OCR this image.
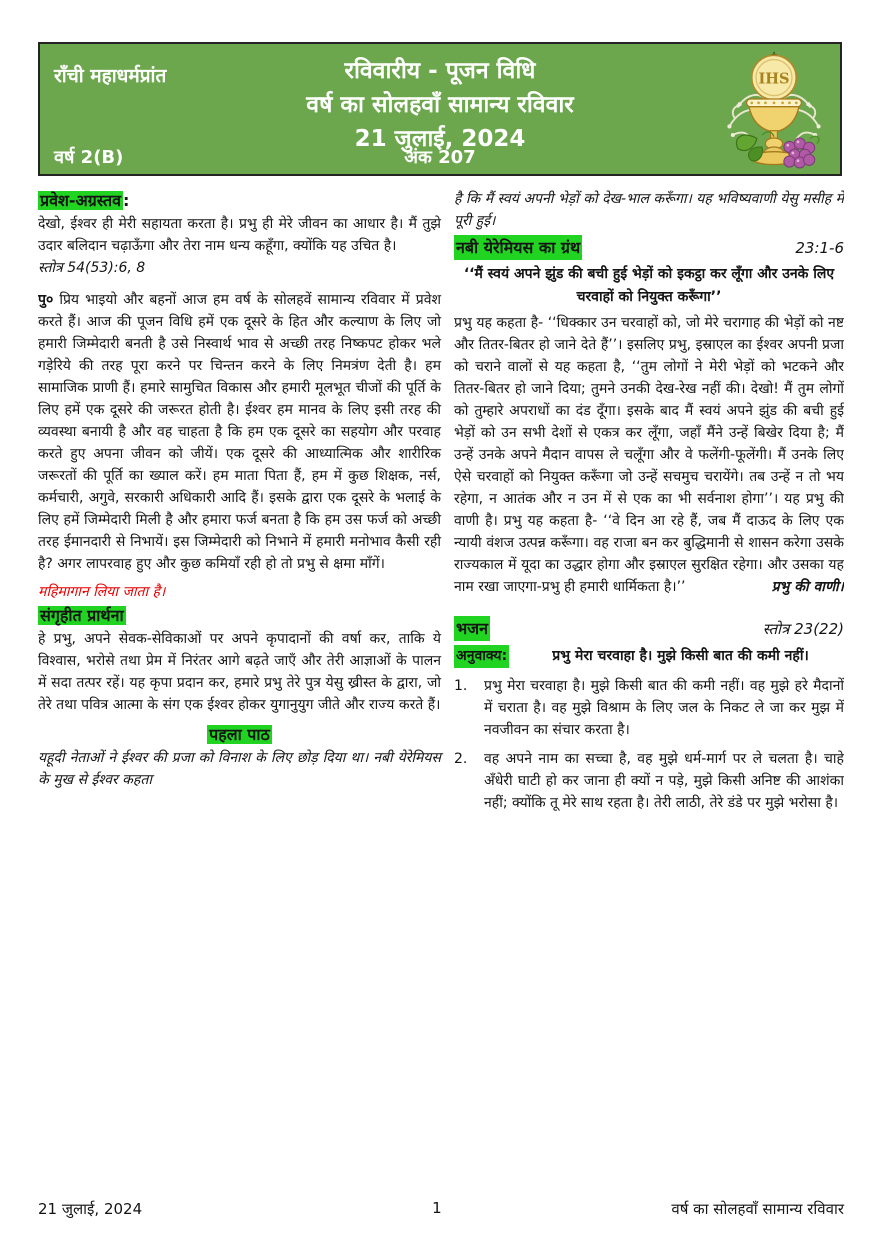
राँची महाधर्मप्रांत	रविवारीय - पूजन विधि
वर्ष का सोलहवाँ सामान्य रविवार
21 जुलाई, 2024
वर्ष 2(B)	अंक 207
IHS
प्रवेश-अग्रस्तव :

देखो, ईश्वर ही मेरी सहायता करता है। प्रभु ही मेरे जीवन का आधार है। मैं तुझे उदार बलिदान चढ़ाऊँगा और तेरा नाम धन्य कहूँगा, क्योंकि यह उचित है।

स्तोत्र 54(53):6, 8

पु० प्रिय भाइयो और बहनों आज हम वर्ष के सोलहवें सामान्य रविवार में प्रवेश करते हैं। आज की पूजन विधि हमें एक दूसरे के हित और कल्याण के लिए जो हमारी जिम्मेदारी बनती है उसे निस्वार्थ भाव से अच्छी तरह निष्कपट होकर भले गड़ेरिये की तरह पूरा करने पर चिन्तन करने के लिए निमत्रंण देती है। हम सामाजिक प्राणी हैं। हमारे सामुचित विकास और हमारी मूलभूत चीजों की पूर्ति के लिए हमें एक दूसरे की जरूरत होती है। ईश्वर हम मानव के लिए इसी तरह की व्यवस्था बनायी है और वह चाहता है कि हम एक दूसरे का सहयोग और परवाह करते हुए अपना जीवन को जीयें। एक दूसरे की आध्यात्मिक और शारीरिक जरूरतों की पूर्ति का ख्याल करें। हम माता पिता हैं, हम में कुछ शिक्षक, नर्स, कर्मचारी, अगुवे, सरकारी अधिकारी आदि हैं। इसके द्वारा एक दूसरे के भलाई के लिए हमें जिम्मेदारी मिली है और हमारा फर्ज बनता है कि हम उस फर्ज को अच्छी तरह ईमानदारी से निभायें। इस जिम्मेदारी को निभाने में हमारी मनोभाव कैसी रही है? अगर लापरवाह हुए और कुछ कमियाँ रही हो तो प्रभु से क्षमा माँगें।

महिमागान लिया जाता है।

संगृहीत प्रार्थना

हे प्रभु, अपने सेवक-सेविकाओं पर अपने कृपादानों की वर्षा कर, ताकि ये विश्वास, भरोसे तथा प्रेम में निरंतर आगे बढ़ते जाएँ और तेरी आज्ञाओं के पालन में सदा तत्पर रहें। यह कृपा प्रदान कर, हमारे प्रभु तेरे पुत्र येसु ख्रीस्त के द्वारा, जो तेरे तथा पवित्र आत्मा के संग एक ईश्वर होकर युगानुयुग जीते और राज्य करते हैं।

पहला पाठ

यहूदी नेताओं ने ईश्वर की प्रजा को विनाश के लिए छोड़ दिया था। नबी येरेमियस के मुख से ईश्वर कहता

है कि मैं स्वयं अपनी भेड़ों को देख-भाल करूँगा। यह भविष्यवाणी येसु मसीह में पूरी हुई।

नबी येरेमियस का ग्रंथ	23:1-6

‘‘मैं स्वयं अपने झुंड की बची हुई भेड़ों को इकट्ठा कर लूँगा और उनके लिए चरवाहों को नियुक्त करूँगा’’

प्रभु यह कहता है- ‘‘धिक्कार उन चरवाहों को, जो मेरे चरागाह की भेड़ों को नष्ट और तितर-बितर हो जाने देते हैं’’। इसलिए प्रभु, इस्राएल का ईश्वर अपनी प्रजा को चराने वालों से यह कहता है, ‘‘तुम लोगों ने मेरी भेड़ों को भटकने और तितर-बितर हो जाने दिया; तुमने उनकी देख-रेख नहीं की। देखो! मैं तुम लोगों को तुम्हारे अपराधों का दंड दूँगा। इसके बाद मैं स्वयं अपने झुंड की बची हुई भेड़ों को उन सभी देशों से एकत्र कर लूँगा, जहाँ मैंने उन्हें बिखेर दिया है; मैं उन्हें उनके अपने मैदान वापस ले चलूँगा और वे फलेंगी-फूलेंगी। मैं उनके लिए ऐसे चरवाहों को नियुक्त करूँगा जो उन्हें सचमुच चरायेंगे। तब उन्हें न तो भय रहेगा, न आतंक और न उन में से एक का भी सर्वनाश होगा’’। यह प्रभु की वाणी है। प्रभु यह कहता है- ‘‘वे दिन आ रहे हैं, जब मैं दाऊद के लिए एक न्यायी वंशज उत्पन्न करूँगा। वह राजा बन कर बुद्धिमानी से शासन करेगा उसके राज्यकाल में यूदा का उद्धार होगा और इस्राएल सुरक्षित रहेगा। और उसका यह नाम रखा जाएगा-प्रभु ही हमारी धार्मिकता है।’’	प्रभु की वाणी।

भजन	स्तोत्र 23(22)
अनुवाक्य:	प्रभु मेरा चरवाहा है। मुझे किसी बात की कमी नहीं।
1.	प्रभु मेरा चरवाहा है। मुझे किसी बात की कमी नहीं। वह मुझे हरे मैदानों में चराता है। वह मुझे विश्राम के लिए जल के निकट ले जा कर मुझ में नवजीवन का संचार करता है।
2.	वह अपने नाम का सच्चा है, वह मुझे धर्म-मार्ग पर ले चलता है। चाहे अँधेरी घाटी हो कर जाना ही क्यों न पड़े, मुझे किसी अनिष्ट की आशंका नहीं; क्योंकि तू मेरे साथ रहता है। तेरी लाठी, तेरे डंडे पर मुझे भरोसा है।
21 जुलाई, 2024	1	वर्ष का सोलहवाँ सामान्य रविवार
